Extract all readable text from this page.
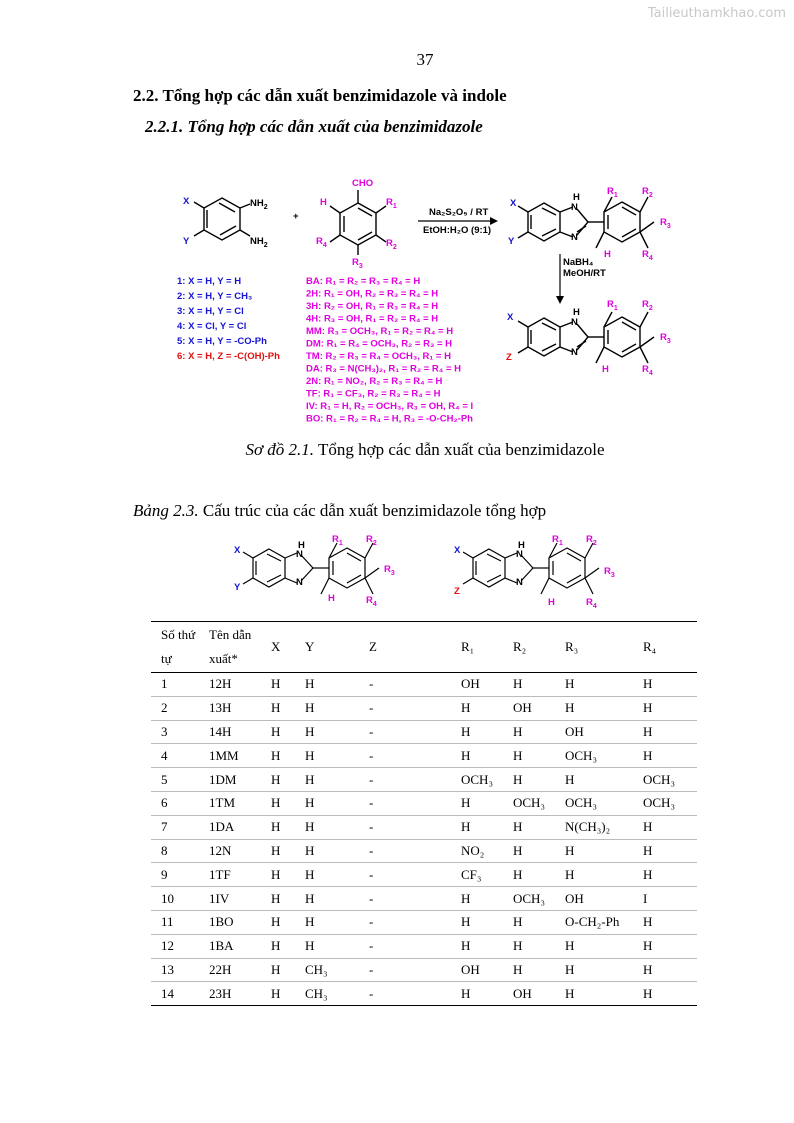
Tailieuthamkhao.com
37
2.2. Tổng hợp các dẫn xuất benzimidazole và indole
2.2.1. Tổng hợp các dẫn xuất của benzimidazole
X
Y
$NH_2$
$NH_2$
+
CHO
H	$R_1$
$R_2$
$R_4$
$R_3$
Na₂S₂O₅ / RT
EtOH:H₂O (9:1)
X
Y
H
N
N
$R_1$	$R_2$
$R_3$
$R_4$
H
NaBH₄
MeOH/RT
X
Z
H
N
N
$R_1$	$R_2$
$R_3$
$R_4$
H
1: X = H, Y = H
2: X = H, Y = CH₃
3: X = H, Y = Cl
4: X = Cl, Y = Cl
5: X = H, Y = -CO-Ph
6: X = H, Z = -C(OH)-Ph
BA: R₁ = R₂ = R₃ = R₄ = H
2H: R₁ = OH, R₂ = R₃ = R₄ = H
3H: R₂ = OH, R₁ = R₃ = R₄ = H
4H: R₃ = OH, R₁ = R₂ = R₄ = H
MM: R₃ = OCH₃, R₁ = R₂ = R₄ = H
DM: R₁ = R₄ = OCH₃, R₂ = R₃ = H
TM: R₂ = R₃ = R₄ = OCH₃, R₁ = H
DA: R₃ = N(CH₃)₂, R₁ = R₂ = R₄ = H
2N: R₁ = NO₂, R₂ = R₃ = R₄ = H
TF: R₁ = CF₃, R₂ = R₃ = R₄ = H
IV: R₁ = H, R₂ = OCH₃, R₃ = OH, R₄ = I
BO: R₁ = R₂ = R₄ = H, R₃ = -O-CH₂-Ph
X
Y
H
N
N
$R_1$ $R_2$
$R_3$
$R_4$
H
X
Z
H
N
N
$R_1$ $R_2$
$R_3$
$R_4$
H
Sơ đồ 2.1. Tổng hợp các dẫn xuất của benzimidazole
Bảng 2.3. Cấu trúc của các dẫn xuất benzimidazole tổng hợp
Số thứ tự	Tên dẫn xuất*	X	Y	Z	R₁	R₂	R₃	R₄
1	12H	H	H	-	OH	H	H	H
2	13H	H	H	-	H	OH	H	H
3	14H	H	H	-	H	H	OH	H
4	1MM	H	H	-	H	H	OCH₃	H
5	1DM	H	H	-	OCH₃	H	H	OCH₃
6	1TM	H	H	-	H	OCH₃	OCH₃	OCH₃
7	1DA	H	H	-	H	H	N(CH₃)₂	H
8	12N	H	H	-	NO₂	H	H	H
9	1TF	H	H	-	CF₃	H	H	H
10	1IV	H	H	-	H	OCH₃	OH	I
11	1BO	H	H	-	H	H	O-CH₂-Ph	H
12	1BA	H	H	-	H	H	H	H
13	22H	H	CH₃	-	OH	H	H	H
14	23H	H	CH₃	-	H	OH	H	H
